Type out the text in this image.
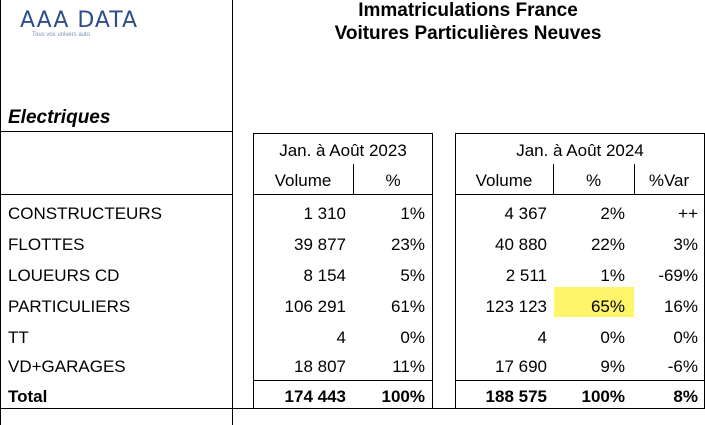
AAA DATA
Tous vos univers auto
Immatriculations France
Voitures Particulières Neuves
Electriques
Jan. à Août 2023	Jan. à Août 2024
Volume	%	Volume	%	%Var
CONSTRUCTEURS	1 310	1%	4 367	2%	++
FLOTTES	39 877	23%	40 880	22%	3%
LOUEURS CD	8 154	5%	2 511	1%	-69%
PARTICULIERS	106 291	61%	123 123	65%	16%
TT	4	0%	4	0%	0%
VD+GARAGES	18 807	11%	17 690	9%	-6%
Total	174 443	100%	188 575	100%	8%
